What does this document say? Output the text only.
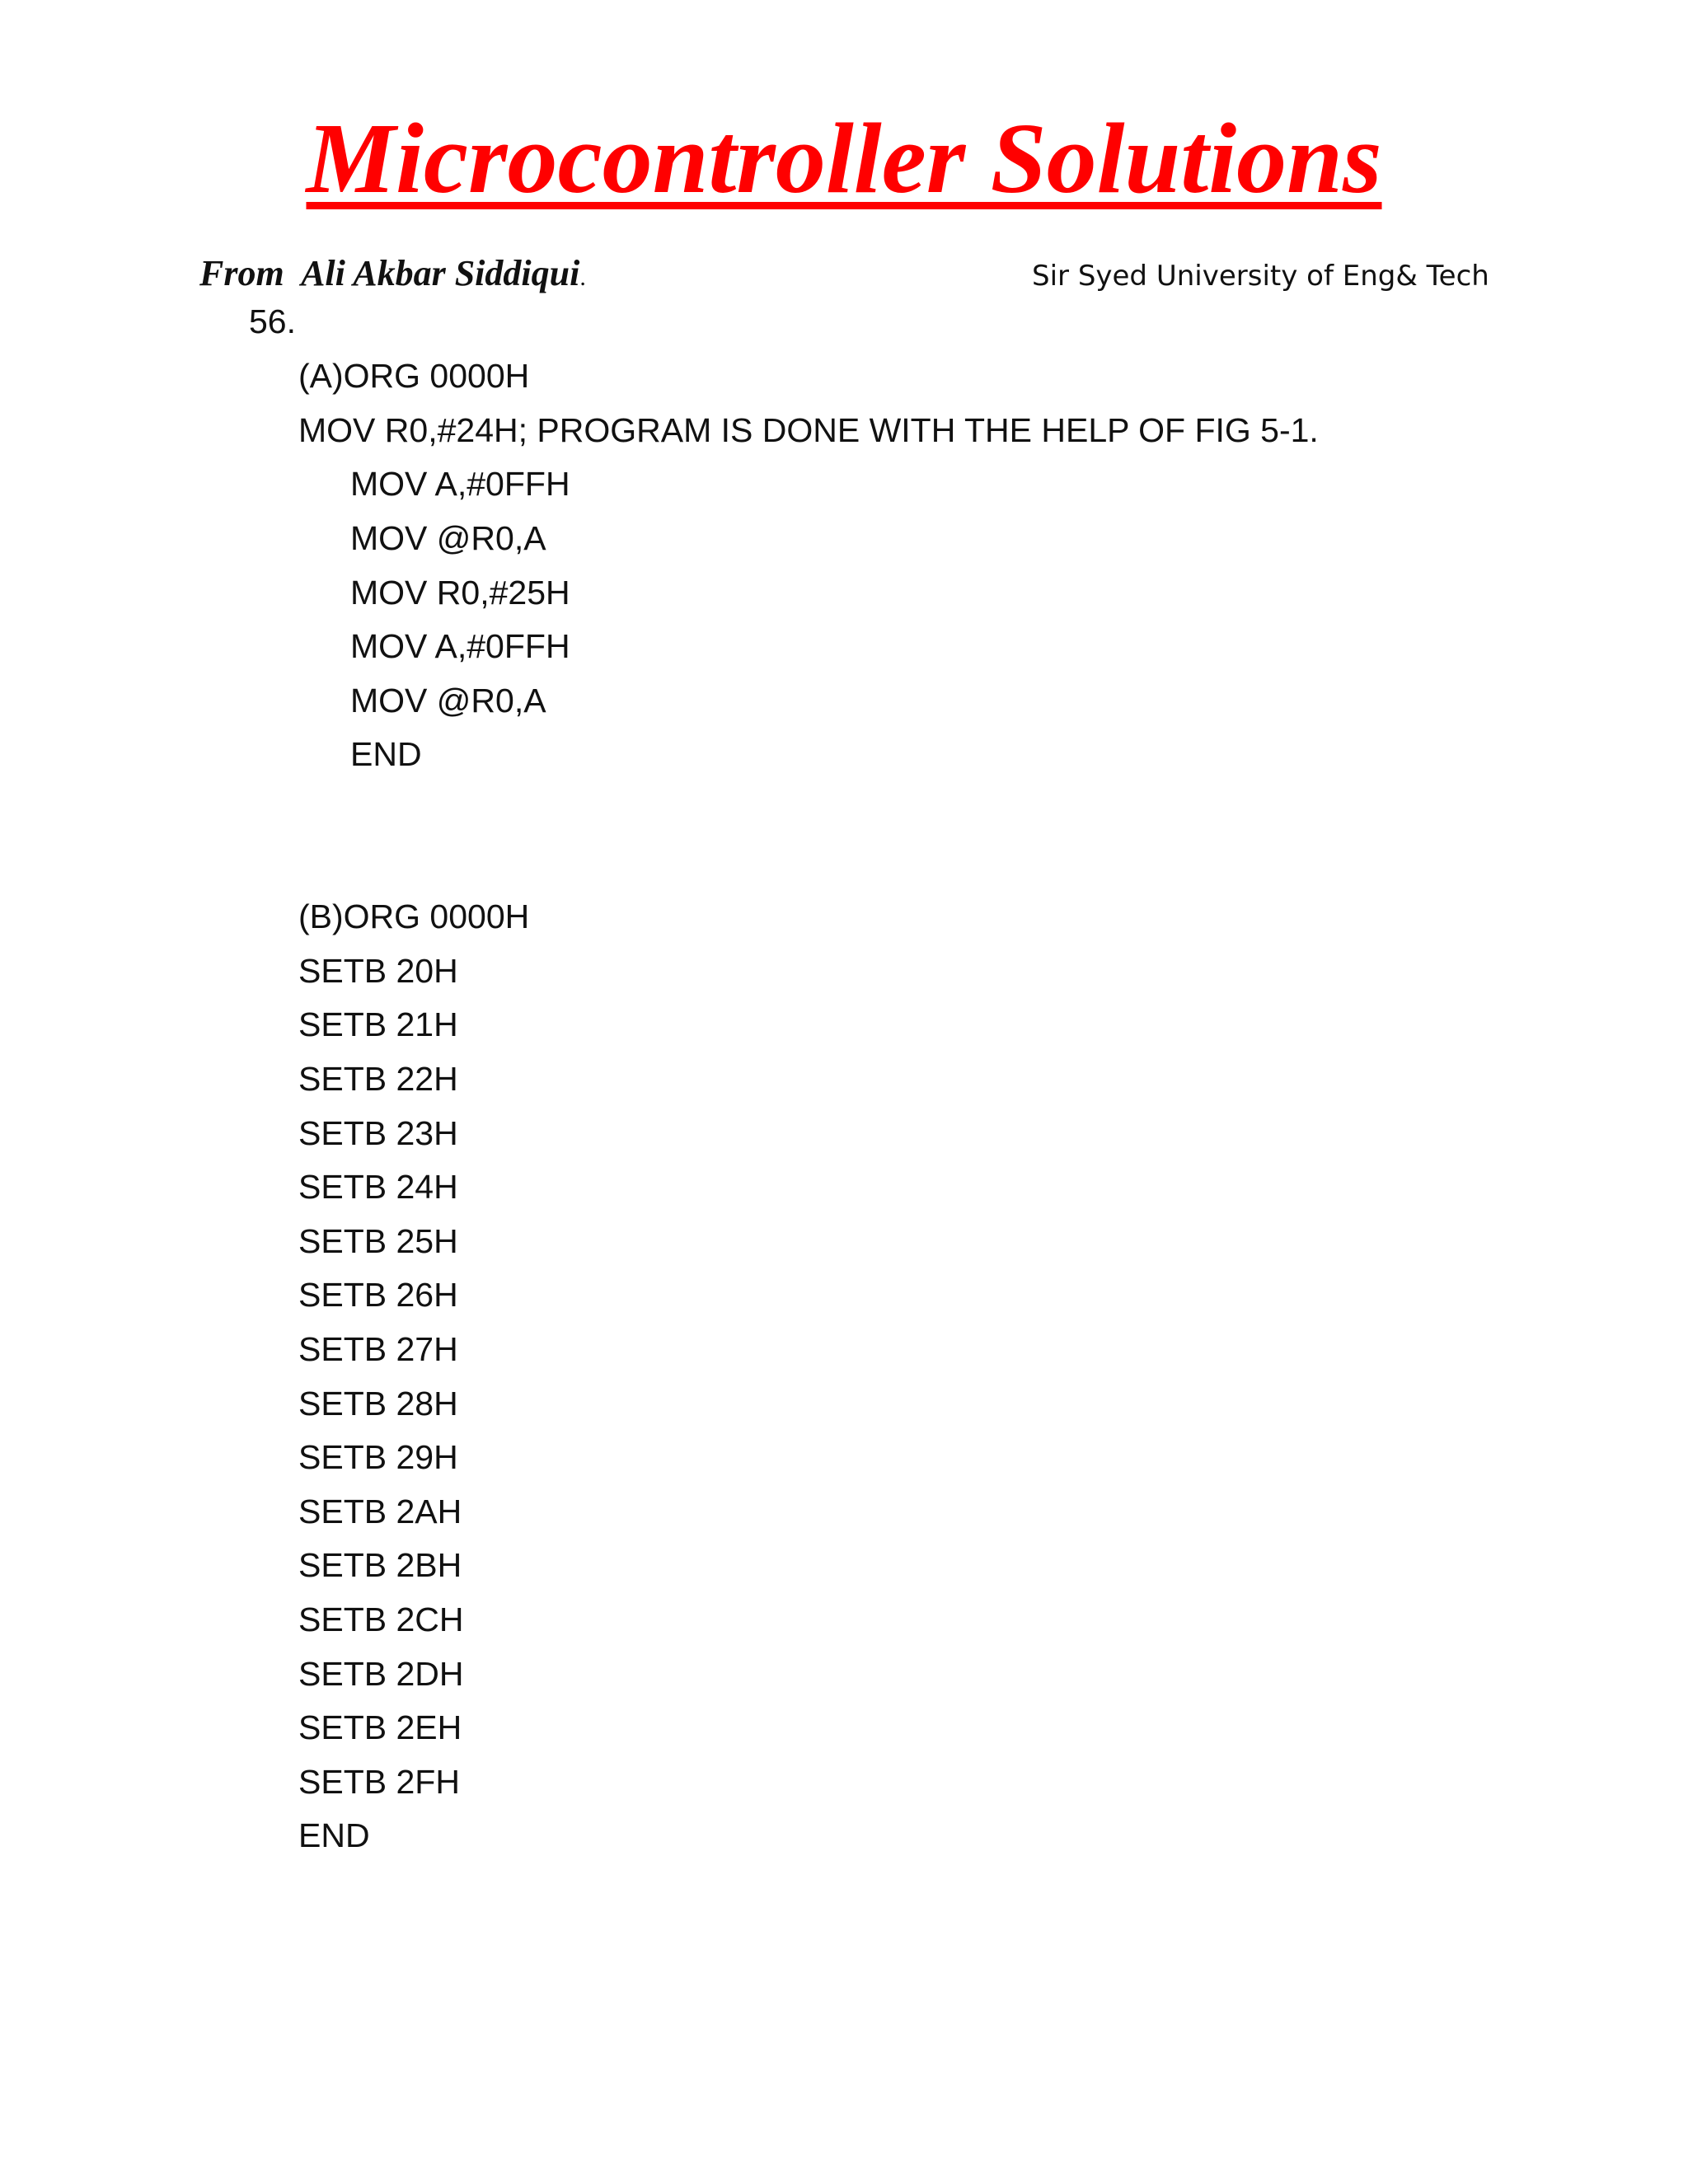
Microcontroller Solutions
From  Ali Akbar Siddiqui.	Sir Syed University of Eng& Tech
56.
(A)ORG 0000H
MOV R0,#24H; PROGRAM IS DONE WITH THE HELP OF FIG 5-1.
MOV A,#0FFH
MOV @R0,A
MOV R0,#25H
MOV A,#0FFH
MOV @R0,A
END
(B)ORG 0000H
SETB 20H
SETB 21H
SETB 22H
SETB 23H
SETB 24H
SETB 25H
SETB 26H
SETB 27H
SETB 28H
SETB 29H
SETB 2AH
SETB 2BH
SETB 2CH
SETB 2DH
SETB 2EH
SETB 2FH
END
